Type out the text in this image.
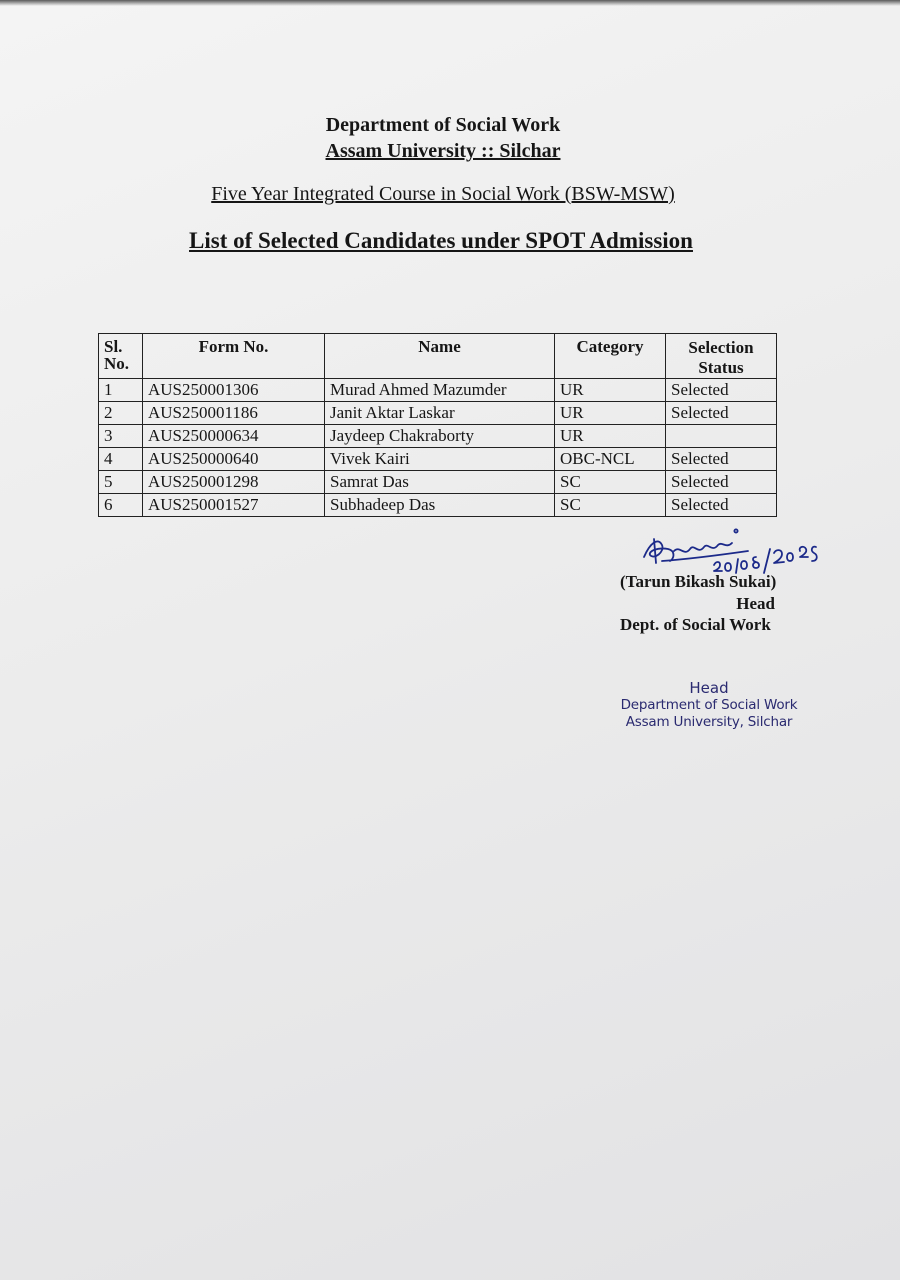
Department of Social Work
Assam University :: Silchar
Five Year Integrated Course in Social Work (BSW-MSW)
List of Selected Candidates under SPOT Admission
Sl.
No.	Form No.	Name	Category	Selection
Status
1	AUS250001306	Murad Ahmed Mazumder	UR	Selected
2	AUS250001186	Janit Aktar Laskar	UR	Selected
3	AUS250000634	Jaydeep Chakraborty	UR	
4	AUS250000640	Vivek Kairi	OBC-NCL	Selected
5	AUS250001298	Samrat Das	SC	Selected
6	AUS250001527	Subhadeep Das	SC	Selected
(Tarun Bikash Sukai)
Head
Dept. of Social Work
Head
Department of Social Work
Assam University, Silchar
